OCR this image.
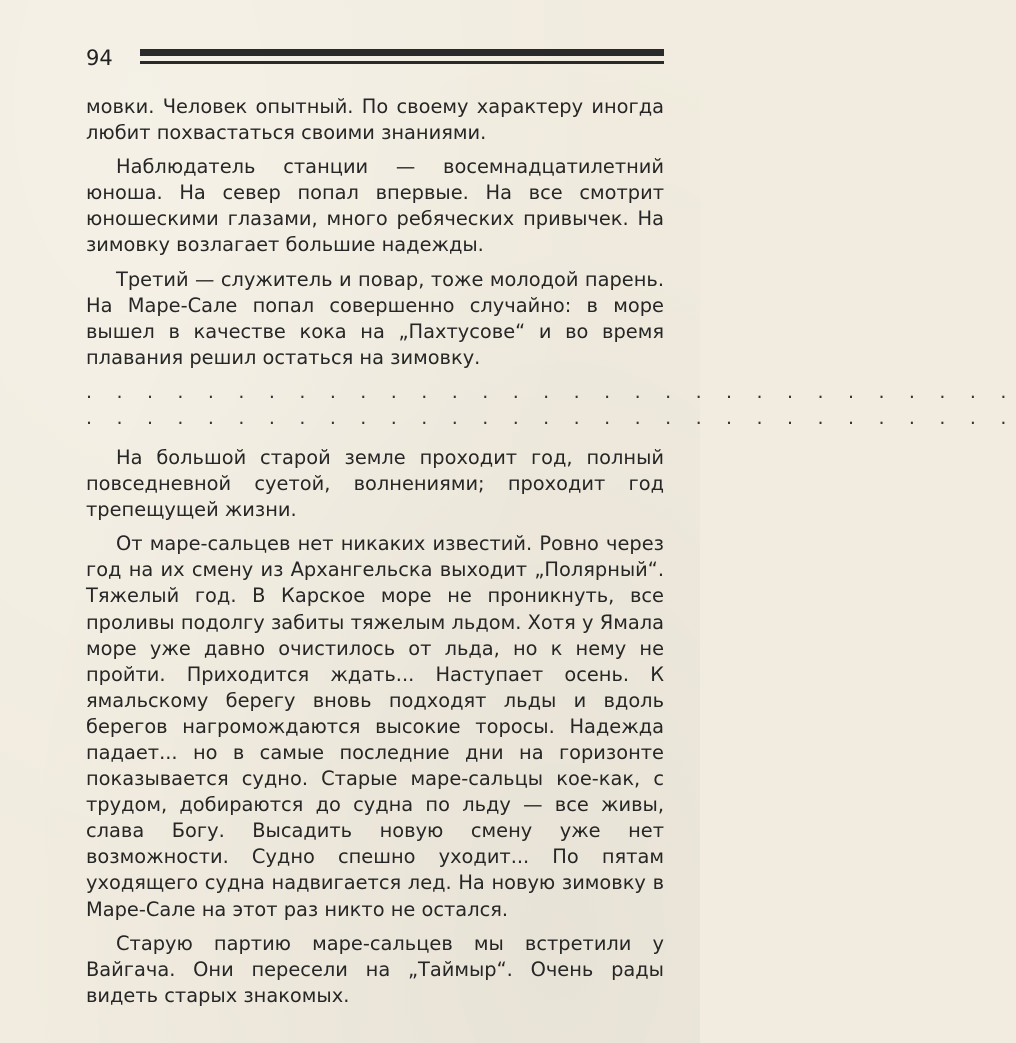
94

мовки. Человек опытный. По своему характеру иногда любит похвастаться своими знаниями.

Наблюдатель станции — восемнадцатилетний юноша. На север попал впервые. На все смотрит юношескими глазами, много ребяческих привычек. На зимовку возлагает большие надежды.

Третий — служитель и повар, тоже молодой парень. На Маре-Сале попал совершенно случайно: в море вышел в качестве кока на „Пахтусове“ и во время плавания решил остаться на зимовку.

. . . . . . . . . . . . . . . . . . . . . . . . . . . . . . .
. . . . . . . . . . . . . . . . . . . . . . . . . . . . . . .

На большой старой земле проходит год, полный повседневной суетой, волнениями; проходит год трепещущей жизни.

От маре-сальцев нет никаких известий. Ровно через год на их смену из Архангельска выходит „Полярный“. Тяжелый год. В Карское море не проникнуть, все проливы подолгу забиты тяжелым льдом. Хотя у Ямала море уже давно очистилось от льда, но к нему не пройти. Приходится ждать... Наступает осень. К ямальскому берегу вновь подходят льды и вдоль берегов нагромождаются высокие торосы. Надежда падает... но в самые последние дни на горизонте показывается судно. Старые маре-сальцы кое-как, с трудом, добираются до судна по льду — все живы, слава Богу. Высадить новую смену уже нет возможности. Судно спешно уходит... По пятам уходящего судна надвигается лед. На новую зимовку в Маре-Сале на этот раз никто не остался.

Старую партию маре-сальцев мы встретили у Вайгача. Они пересели на „Таймыр“. Очень рады видеть старых знакомых.
